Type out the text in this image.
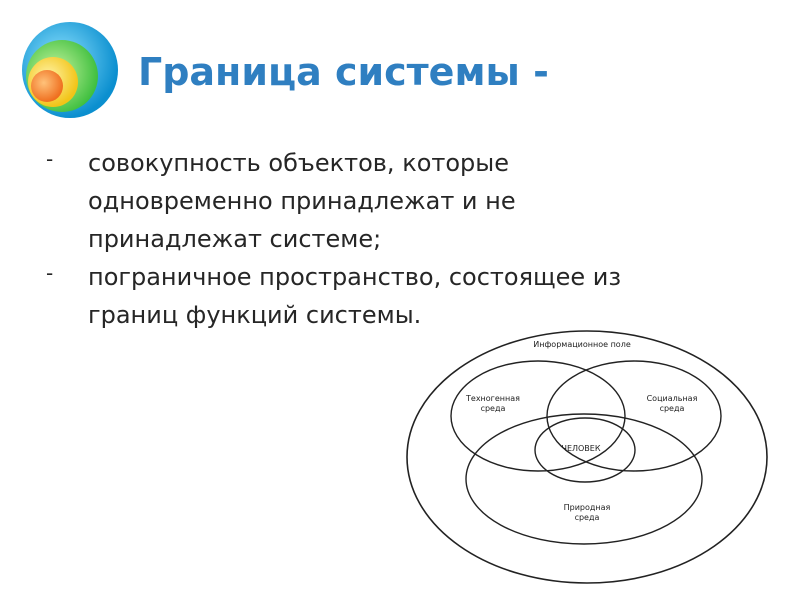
Граница системы -
- совокупность объектов, которые
одновременно принадлежат и не
принадлежат системе;
- пограничное пространство, состоящее из
границ функций системы.
Информационное поле
Техногенная
среда
Социальная
среда
ЧЕЛОВЕК
Природная
среда
